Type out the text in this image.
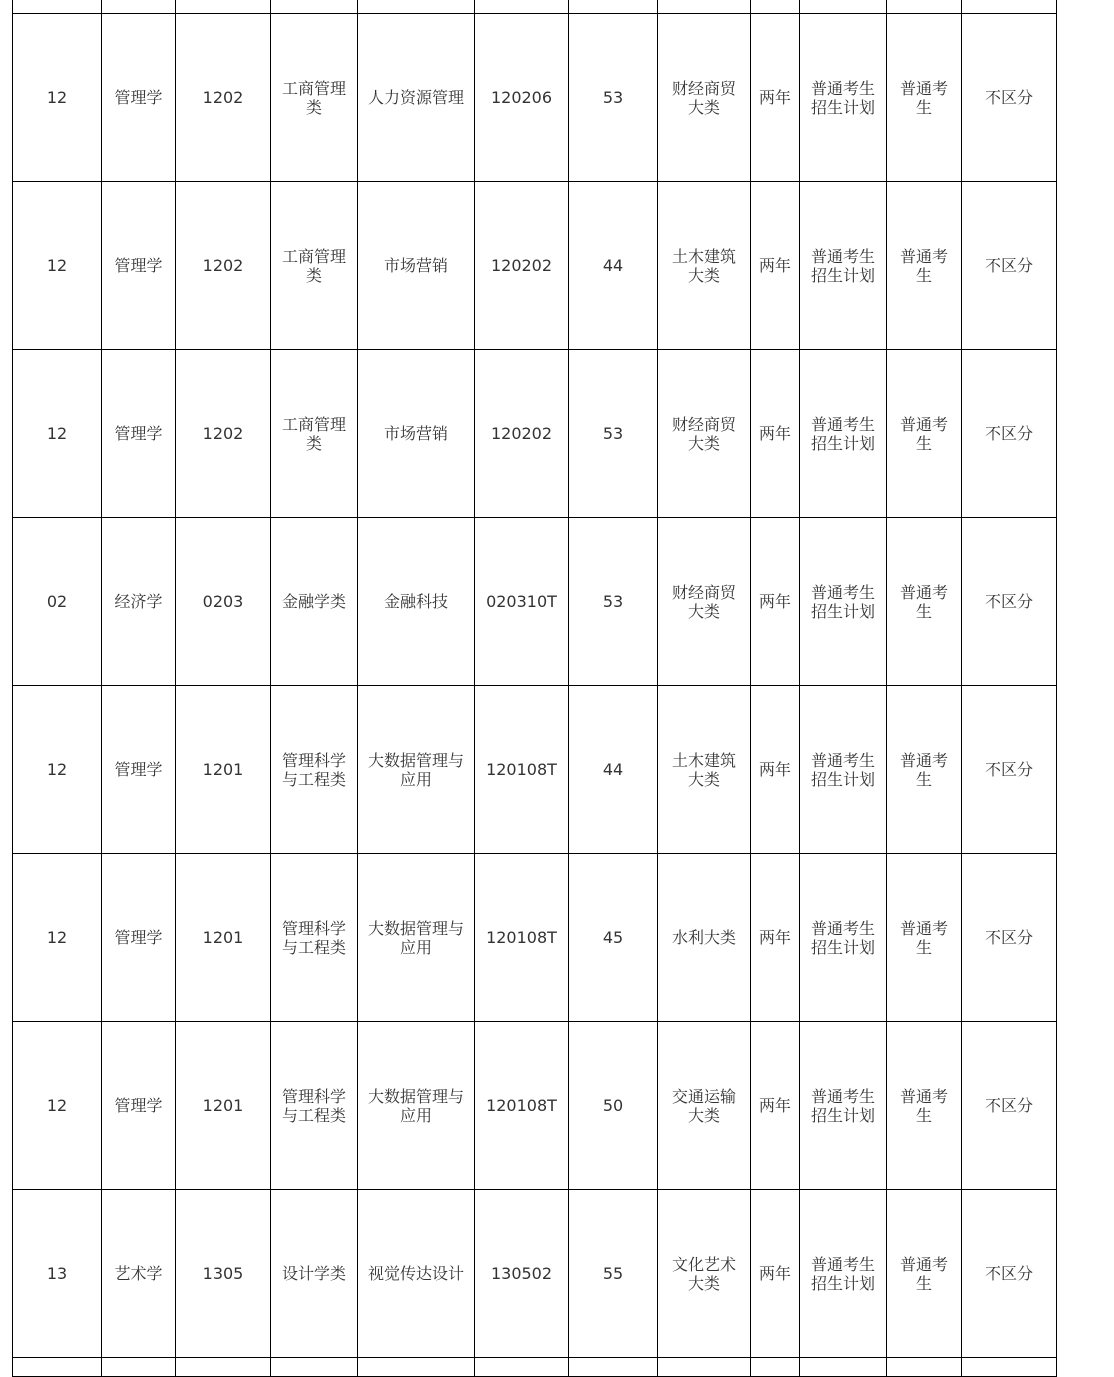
12	管理学	1202	工商管理类	人力资源管理	120206	53	财经商贸大类	两年	普通考生招生计划	普通考生	不区分
12	管理学	1202	工商管理类	市场营销	120202	44	土木建筑大类	两年	普通考生招生计划	普通考生	不区分
12	管理学	1202	工商管理类	市场营销	120202	53	财经商贸大类	两年	普通考生招生计划	普通考生	不区分
02	经济学	0203	金融学类	金融科技	020310T	53	财经商贸大类	两年	普通考生招生计划	普通考生	不区分
12	管理学	1201	管理科学与工程类	大数据管理与应用	120108T	44	土木建筑大类	两年	普通考生招生计划	普通考生	不区分
12	管理学	1201	管理科学与工程类	大数据管理与应用	120108T	45	水利大类	两年	普通考生招生计划	普通考生	不区分
12	管理学	1201	管理科学与工程类	大数据管理与应用	120108T	50	交通运输大类	两年	普通考生招生计划	普通考生	不区分
13	艺术学	1305	设计学类	视觉传达设计	130502	55	文化艺术大类	两年	普通考生招生计划	普通考生	不区分
